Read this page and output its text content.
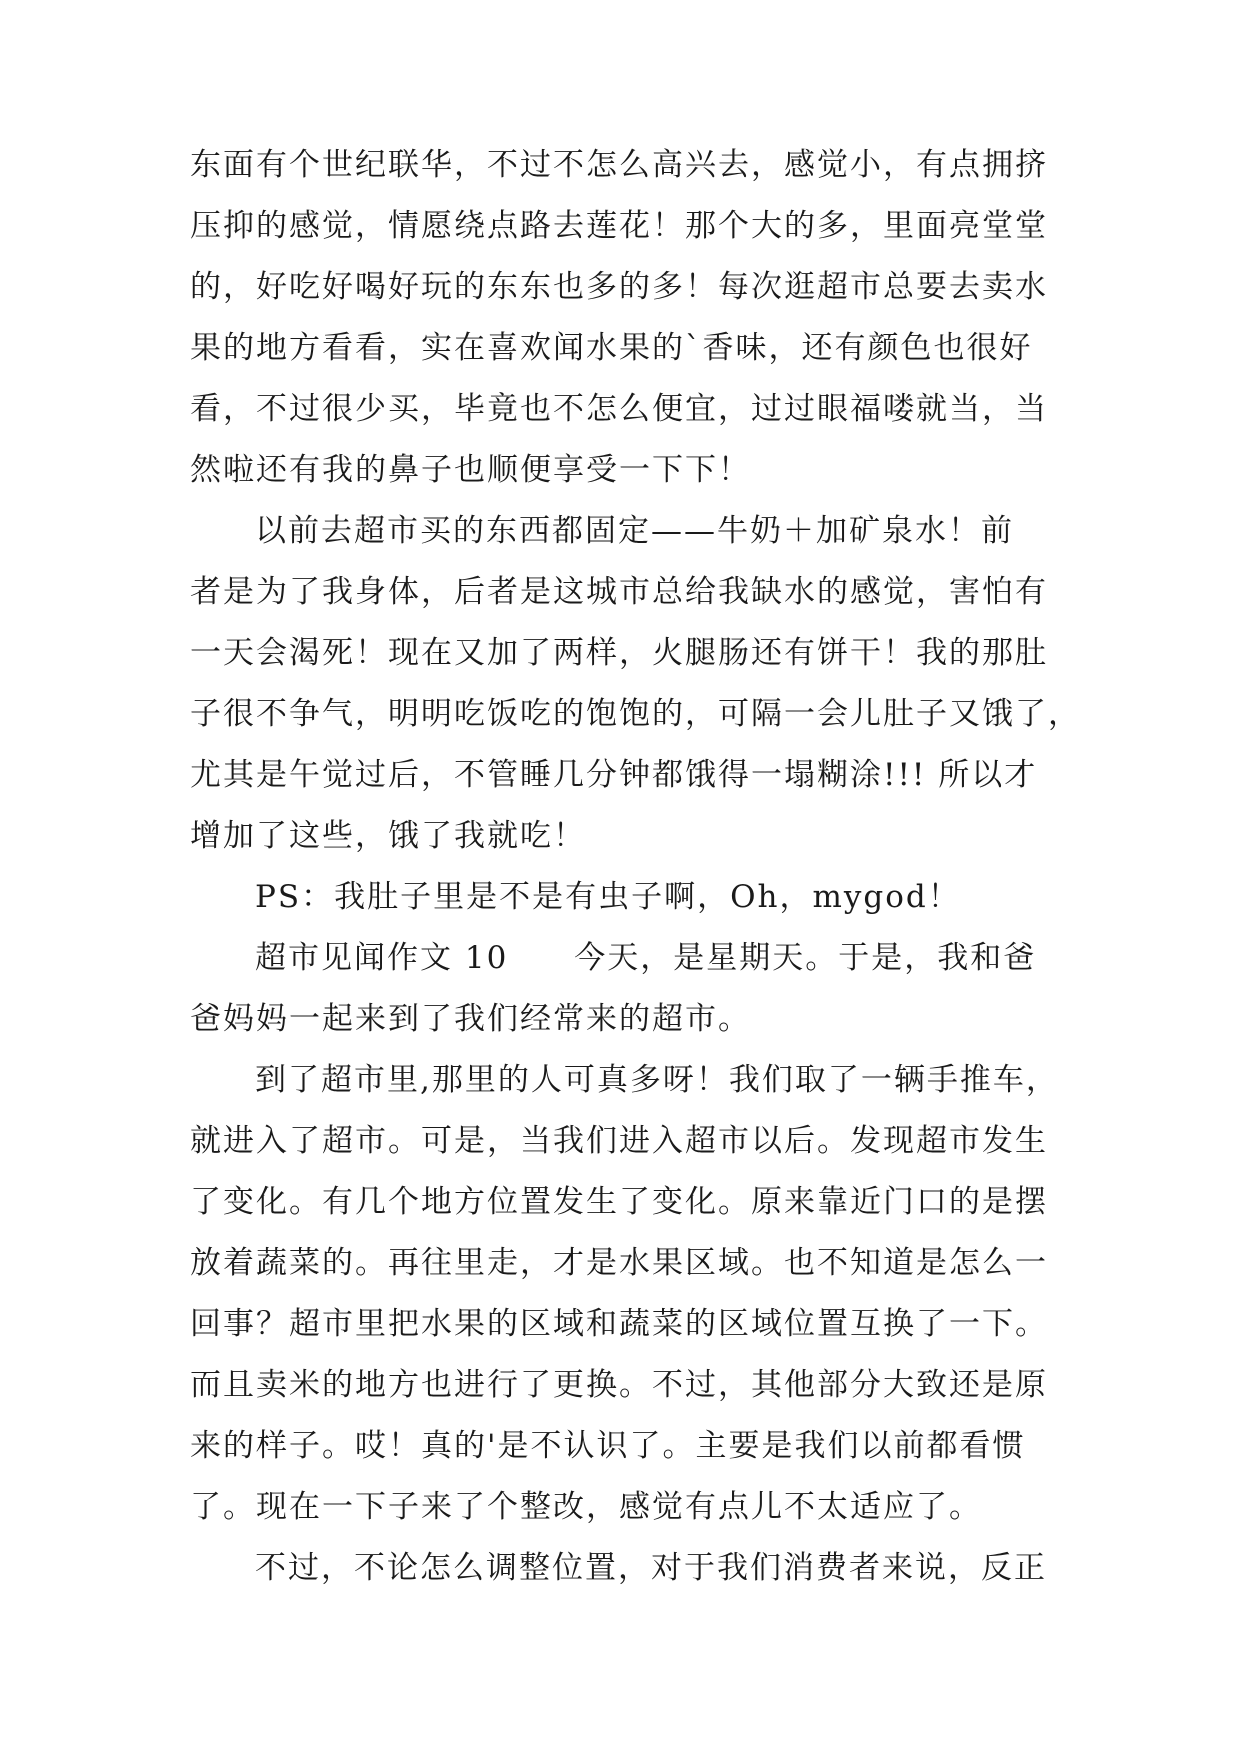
东面有个世纪联华，不过不怎么高兴去，感觉小，有点拥挤
压抑的感觉，情愿绕点路去莲花！那个大的多，里面亮堂堂
的，好吃好喝好玩的东东也多的多！每次逛超市总要去卖水
果的地方看看，实在喜欢闻水果的`香味，还有颜色也很好
看，不过很少买，毕竟也不怎么便宜，过过眼福喽就当，当
然啦还有我的鼻子也顺便享受一下下！
以前去超市买的东西都固定——牛奶＋加矿泉水！前
者是为了我身体，后者是这城市总给我缺水的感觉，害怕有
一天会渴死！现在又加了两样，火腿肠还有饼干！我的那肚
子很不争气，明明吃饭吃的饱饱的，可隔一会儿肚子又饿了，
尤其是午觉过后，不管睡几分钟都饿得一塌糊涂!!! 所以才
增加了这些，饿了我就吃！
PS：我肚子里是不是有虫子啊，Oh，mygod！
超市见闻作文 10　　今天，是星期天。于是，我和爸
爸妈妈一起来到了我们经常来的超市。
到了超市里,那里的人可真多呀！我们取了一辆手推车，
就进入了超市。可是，当我们进入超市以后。发现超市发生
了变化。有几个地方位置发生了变化。原来靠近门口的是摆
放着蔬菜的。再往里走，才是水果区域。也不知道是怎么一
回事？超市里把水果的区域和蔬菜的区域位置互换了一下。
而且卖米的地方也进行了更换。不过，其他部分大致还是原
来的样子。哎！真的'是不认识了。主要是我们以前都看惯
了。现在一下子来了个整改，感觉有点儿不太适应了。
不过，不论怎么调整位置，对于我们消费者来说，反正
